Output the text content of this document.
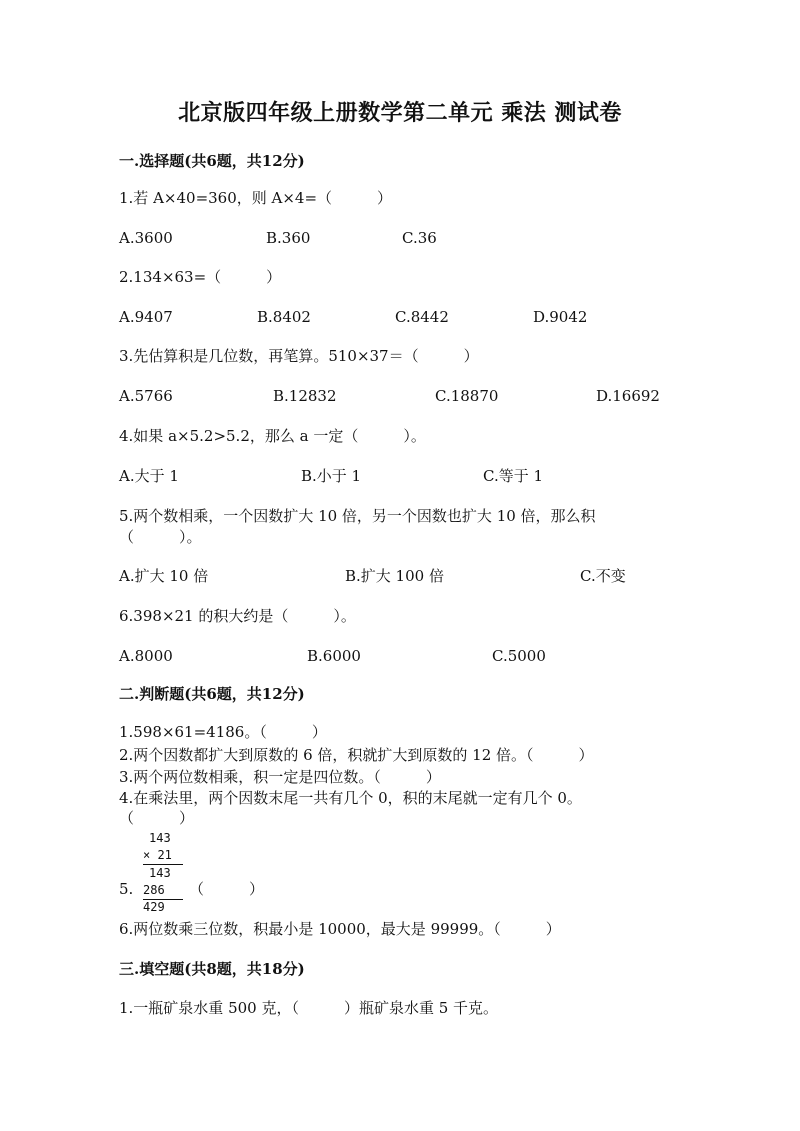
北京版四年级上册数学第二单元 乘法 测试卷
一.选择题(共6题，共12分)
1.若 A×40=360，则 A×4=（　　　）
A.3600	B.360	C.36
2.134×63=（　　　）
A.9407	B.8402	C.8442	D.9042
3.先估算积是几位数，再笔算。510×37＝（　　　）
A.5766	B.12832	C.18870	D.16692
4.如果 a×5.2>5.2，那么 a 一定（　　　）。
A.大于 1	B.小于 1	C.等于 1
5.两个数相乘，一个因数扩大 10 倍，另一个因数也扩大 10 倍，那么积
（　　　）。
A.扩大 10 倍	B.扩大 100 倍	C.不变
6.398×21 的积大约是（　　　）。
A.8000	B.6000	C.5000
二.判断题(共6题，共12分)
1.598×61=4186。（　　　）
2.两个因数都扩大到原数的 6 倍，积就扩大到原数的 12 倍。（　　　）
3.两个两位数相乘，积一定是四位数。（　　　）
4.在乘法里，两个因数末尾一共有几个 0，积的末尾就一定有几个 0。
（　　　）
143
× 21
143
286
429
5.	（　　　）
6.两位数乘三位数，积最小是 10000，最大是 99999。（　　　）
三.填空题(共8题，共18分)
1.一瓶矿泉水重 500 克，（　　　）瓶矿泉水重 5 千克。
